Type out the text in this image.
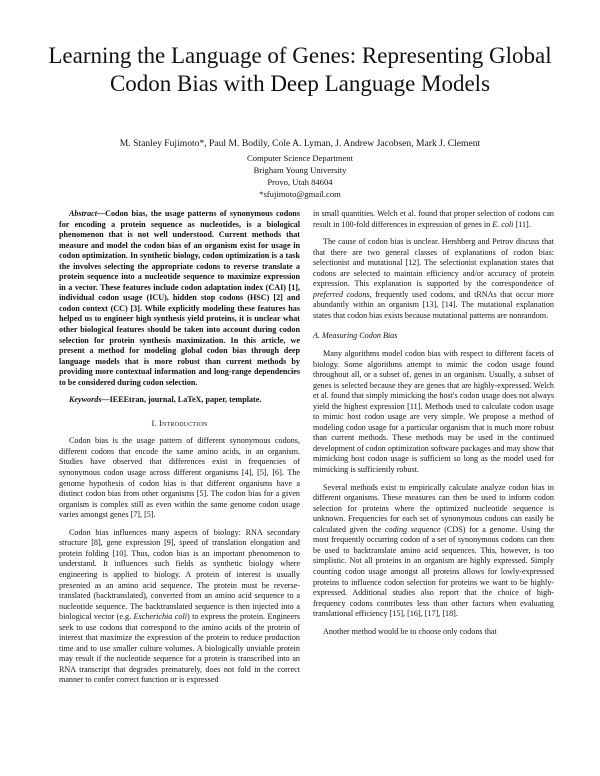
Learning the Language of Genes: Representing Global Codon Bias with Deep Language Models
M. Stanley Fujimoto*, Paul M. Bodily, Cole A. Lyman, J. Andrew Jacobsen, Mark J. Clement
Computer Science Department
Brigham Young University
Provo, Utah 84604
*sfujimoto@gmail.com

Abstract—Codon bias, the usage patterns of synonymous codons for encoding a protein sequence as nucleotides, is a biological phenomenon that is not well understood. Current methods that measure and model the codon bias of an organism exist for usage in codon optimization. In synthetic biology, codon optimization is a task the involves selecting the appropriate codons to reverse translate a protein sequence into a nucleotide sequence to maximize expression in a vector. These features include codon adaptation index (CAI) [1], individual codon usage (ICU), hidden stop codons (HSC) [2] and codon context (CC) [3]. While explicitly modeling these features has helped us to engineer high synthesis yield proteins, it is unclear what other biological features should be taken into account during codon selection for protein synthesis maximization. In this article, we present a method for modeling global codon bias through deep language models that is more robust than current methods by providing more contextual information and long-range dependencies to be considered during codon selection.

Keywords—IEEEtran, journal, LaTeX, paper, template.

I. Introduction

Codon bias is the usage pattern of different synonymous codons, different codons that encode the same amino acids, in an organism. Studies have observed that differences exist in frequencies of synonymous codon usage across different organisms [4], [5], [6]. The genome hypothesis of codon bias is that different organisms have a distinct codon bias from other organisms [5]. The codon bias for a given organism is complex still as even within the same genome codon usage varies amongst genes [7], [5].

Codon bias influences many aspects of biology: RNA secondary structure [8], gene expression [9], speed of translation elongation and protein folding [10]. Thus, codon bias is an important phenomenon to understand. It influences such fields as synthetic biology where engineering is applied to biology. A protein of interest is usually presented as an amino acid sequence. The protein must be reverse-translated (backtranslated), converted from an amino acid sequence to a nucleotide sequence. The backtranslated sequence is then injected into a biological vector (e.g. Escherichia coli) to express the protein. Engineers seek to use codons that correspond to the amino acids of the protein of interest that maximize the expression of the protein to reduce production time and to use smaller culture volumes. A biologically unviable protein may result if the nucleotide sequence for a protein is transcribed into an RNA transcript that degrades prematurely, does not fold in the correct manner to confer correct function or is expressed

in small quantities. Welch et al. found that proper selection of codons can result in 100-fold differences in expression of genes in E. coli [11].

The cause of codon bias is unclear. Hershberg and Petrov discuss that that there are two general classes of explanations of codon bias: selectionist and mutational [12]. The selectionist explanation states that codons are selected to maintain efficiency and/or accuracy of protein expression. This explanation is supported by the correspondence of preferred codons, frequently used codons, and tRNAs that occur more abundantly within an organism [13], [14]. The mutational explanation states that codon bias exists because mutational patterns are nonrandom.

A. Measuring Codon Bias

Many algorithms model codon bias with respect to different facets of biology. Some algorithms attempt to mimic the codon usage found throughout all, or a subset of, genes in an organism. Usually, a subset of genes is selected because they are genes that are highly-expressed. Welch et al. found that simply mimicking the host's codon usage does not always yield the highest expression [11]. Methods used to calculate codon usage to mimic host codon usage are very simple. We propose a method of modeling codon usage for a particular organism that is much more robust than current methods. These methods may be used in the continued development of codon optimization software packages and may show that mimicking host codon usage is sufficient so long as the model used for mimicking is sufficiently robust.

Several methods exist to empirically calculate analyze codon bias in different organisms. These measures can then be used to inform codon selection for proteins where the optimized nucleotide sequence is unknown. Frequencies for each set of synonymous codons can easily be calculated given the coding sequence (CDS) for a genome. Using the most frequently occurring codon of a set of synonymous codons can then be used to backtranslate amino acid sequences. This, however, is too simplistic. Not all proteins in an organism are highly expressed. Simply counting codon usage amongst all proteins allows for lowly-expressed proteins to influence codon selection for proteins we want to be highly-expressed. Additional studies also report that the choice of high-frequency codons contributes less than other factors when evaluating translational efficiency [15], [16], [17], [18].

Another method would be to choose only codons that
